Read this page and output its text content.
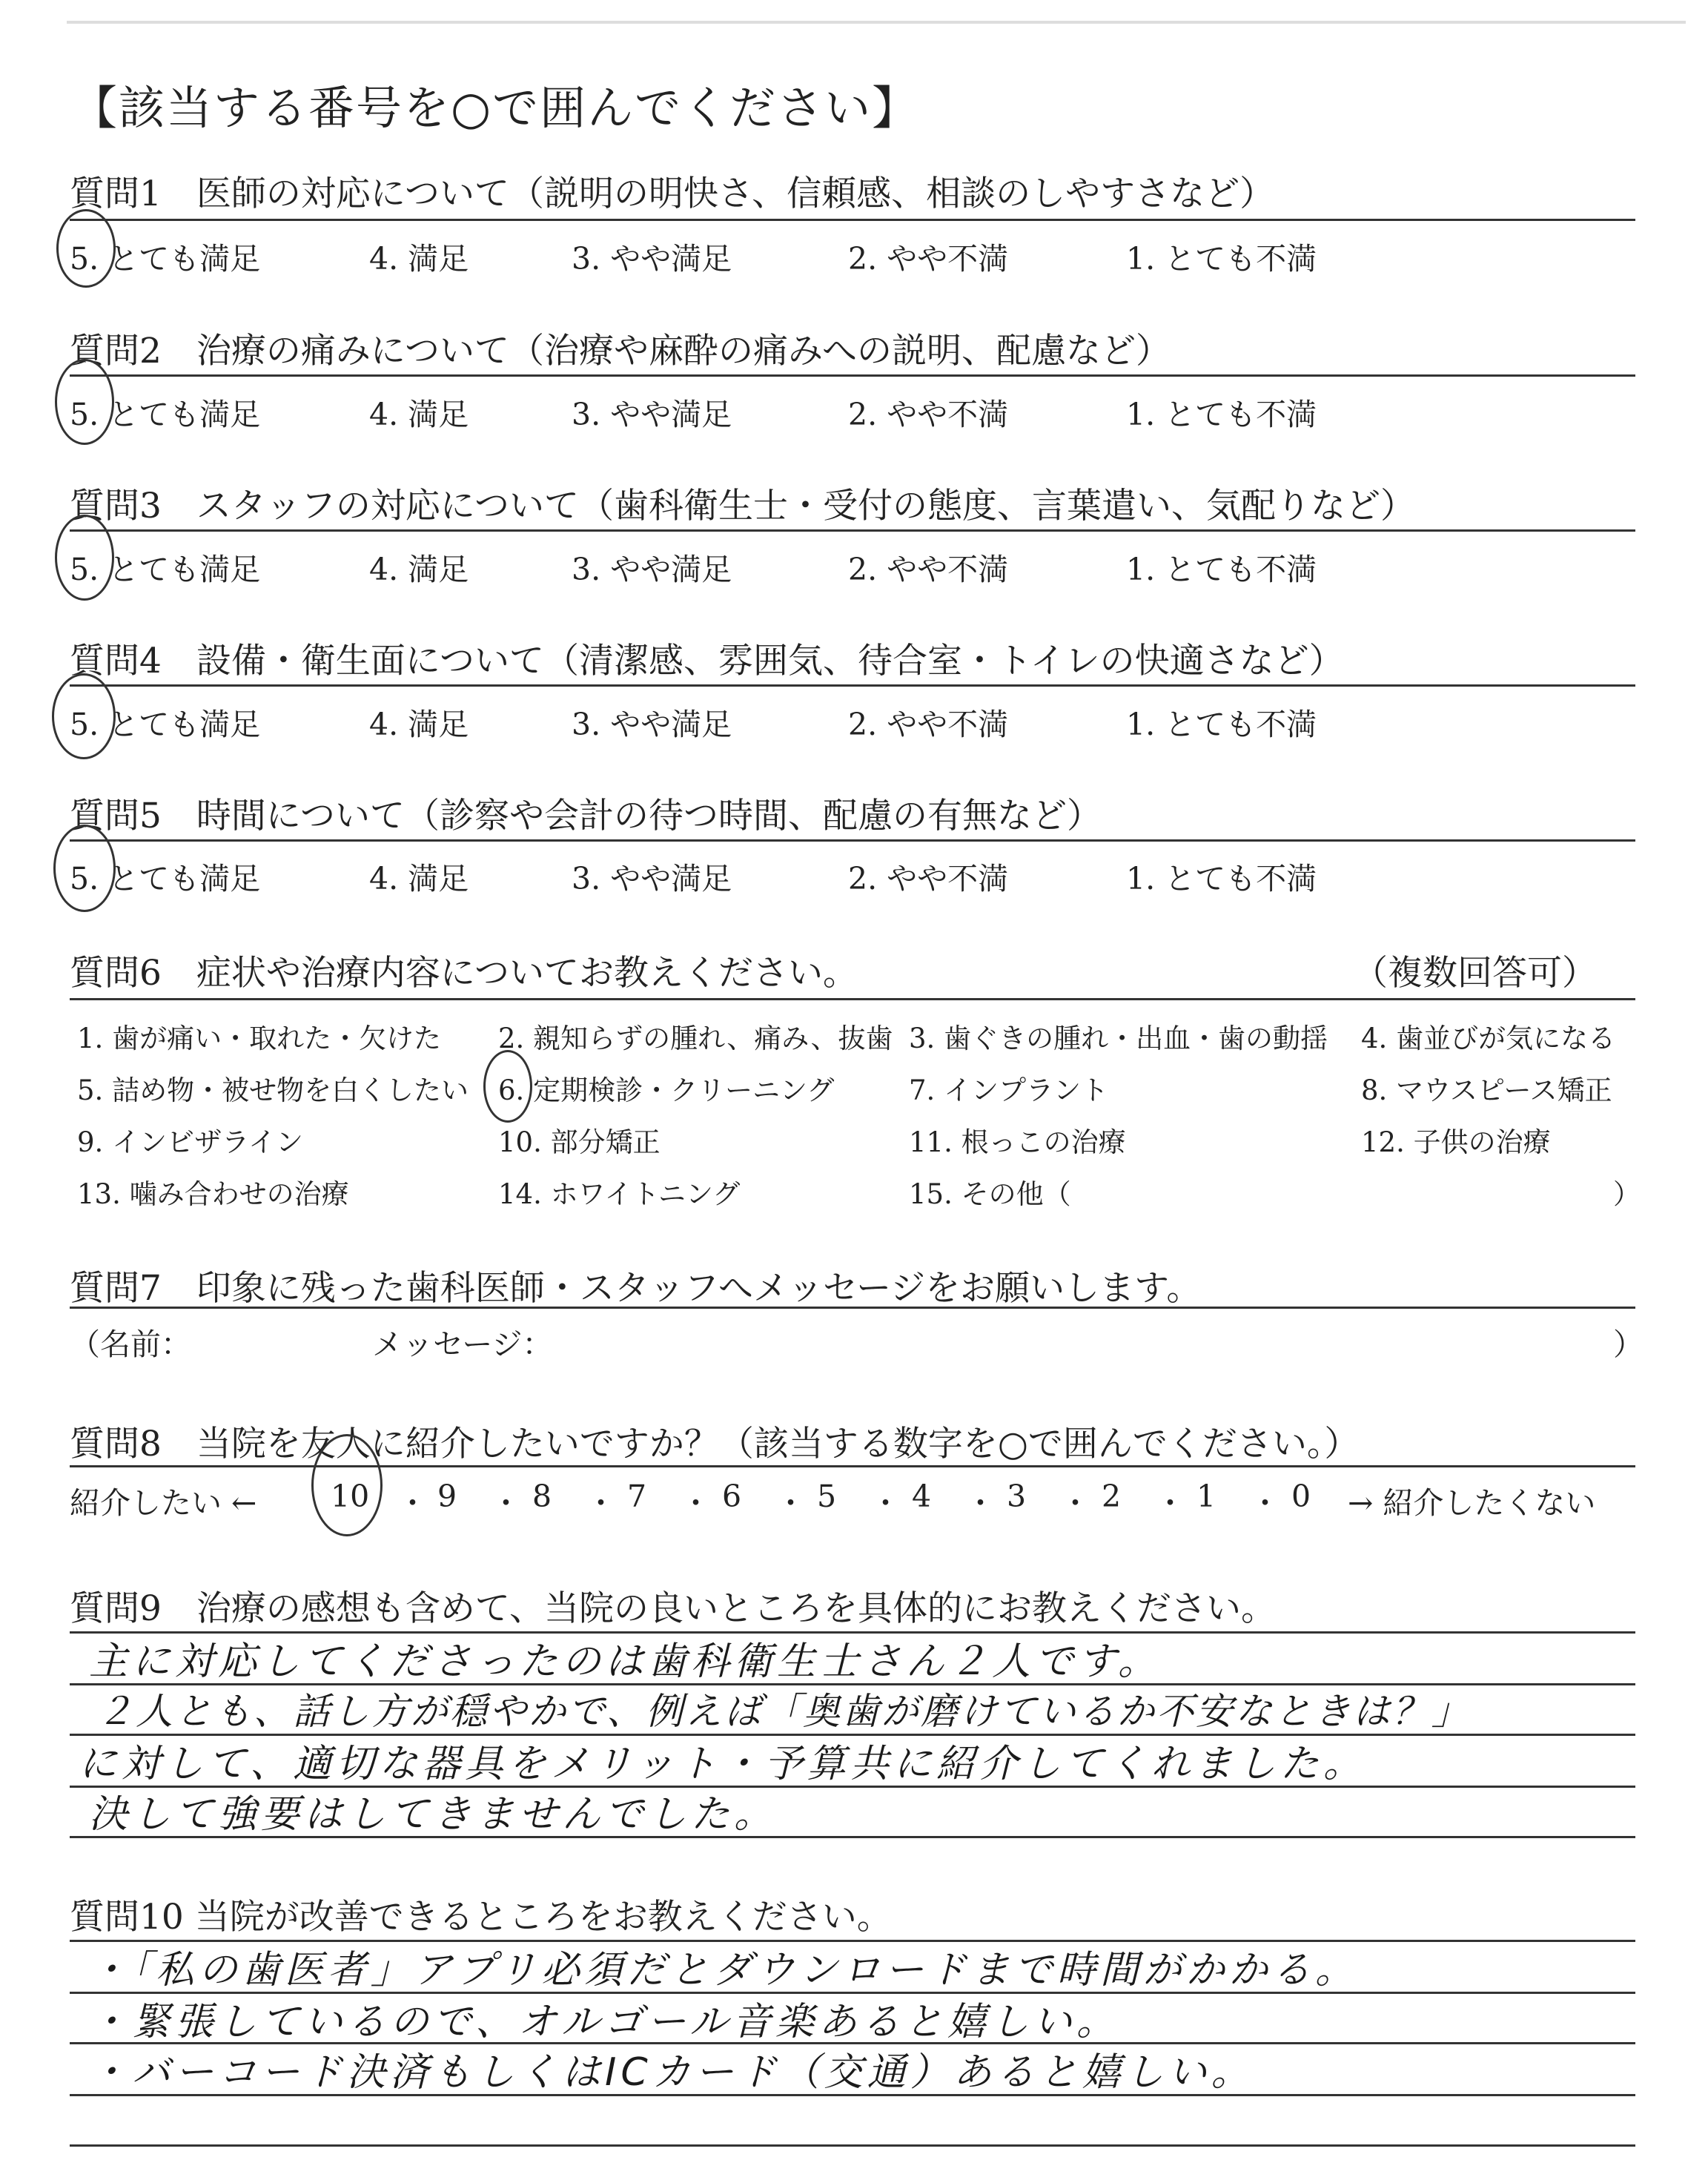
【該当する番号を○で囲んでください】
質問1　医師の対応について（説明の明快さ、信頼感、相談のしやすさなど）
5. とても満足	4. 満足	3. やや満足	2. やや不満	1. とても不満
質問2　治療の痛みについて（治療や麻酔の痛みへの説明、配慮など）
5. とても満足	4. 満足	3. やや満足	2. やや不満	1. とても不満
質問3　スタッフの対応について（歯科衛生士・受付の態度、言葉遣い、気配りなど）
5. とても満足	4. 満足	3. やや満足	2. やや不満	1. とても不満
質問4　設備・衛生面について（清潔感、雰囲気、待合室・トイレの快適さなど）
5. とても満足	4. 満足	3. やや満足	2. やや不満	1. とても不満
質問5　時間について（診察や会計の待つ時間、配慮の有無など）
5. とても満足	4. 満足	3. やや満足	2. やや不満	1. とても不満
質問6　症状や治療内容についてお教えください。	（複数回答可）
1. 歯が痛い・取れた・欠けた 2. 親知らずの腫れ、痛み、抜歯 3. 歯ぐきの腫れ・出血・歯の動揺 4. 歯並びが気になる
5. 詰め物・被せ物を白くしたい 6. 定期検診・クリーニング	7. インプラント	8. マウスピース矯正
9. インビザライン	10. 部分矯正	11. 根っこの治療	12. 子供の治療
13. 噛み合わせの治療	14. ホワイトニング	15. その他（	）
質問7　印象に残った歯科医師・スタッフへメッセージをお願いします。
（名前：	メッセージ：	）
質問8　当院を友人に紹介したいですか？（該当する数字を○で囲んでください。）
紹介したい ← 10 ・ 9 ・ 8 ・ 7 ・ 6 ・ 5 ・ 4 ・ 3 ・ 2 ・ 1 ・ 0 → 紹介したくない
質問9　治療の感想も含めて、当院の良いところを具体的にお教えください。
主に対応してくださったのは歯科衛生士さん２人です。
２人とも、話し方が穏やかで、例えば「奥歯が磨けているか不安なときは？」
に対して、適切な器具をメリット・予算共に紹介してくれました。
決して強要はしてきませんでした。
質問10 当院が改善できるところをお教えください。
・「私の歯医者」アプリ必須だとダウンロードまで時間がかかる。
・緊張しているので、オルゴール音楽あると嬉しい。
・バーコード決済もしくはICカード（交通）あると嬉しい。
